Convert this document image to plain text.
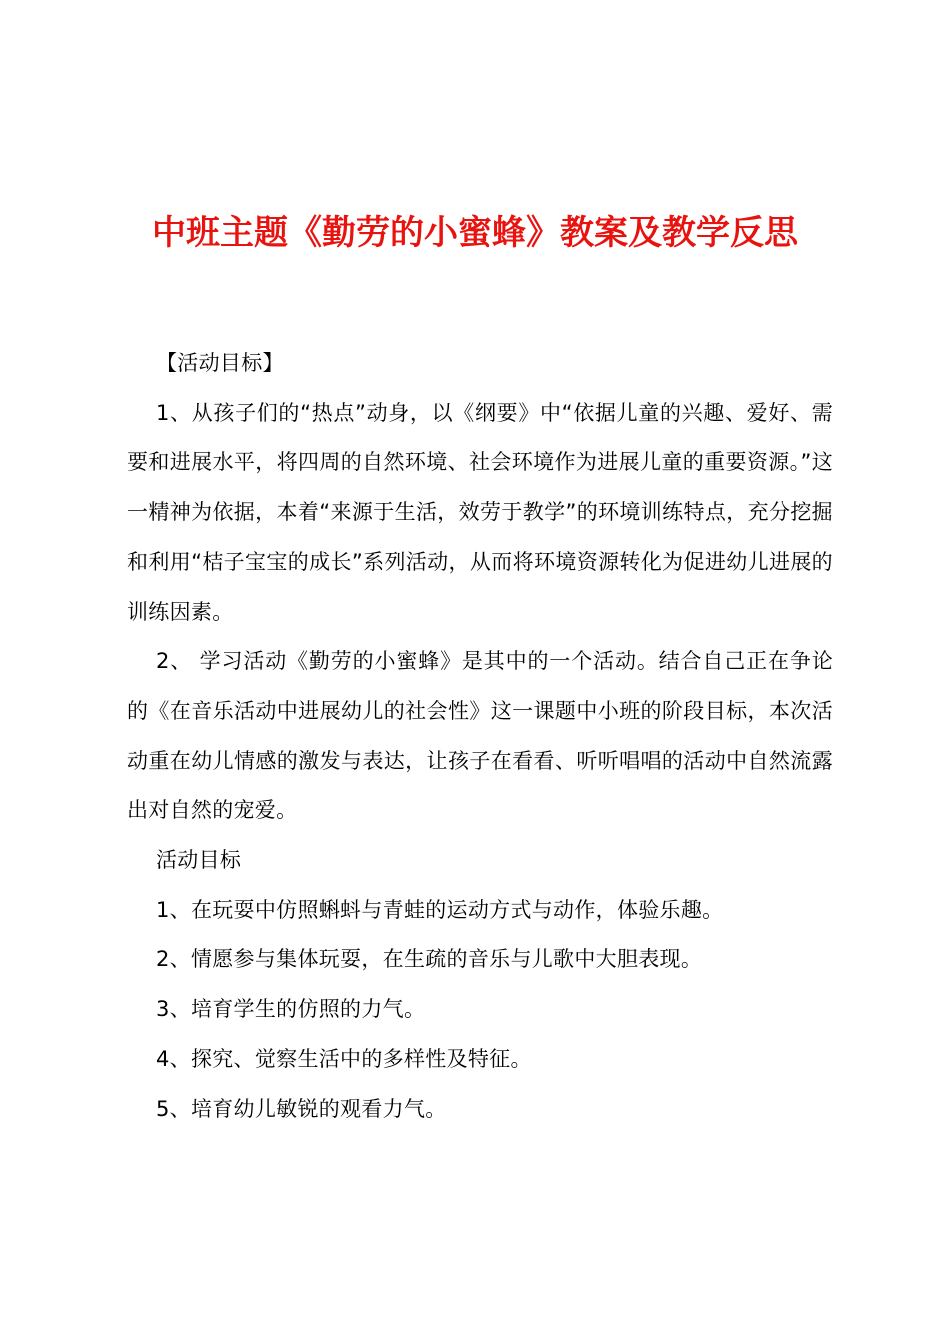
中班主题《勤劳的小蜜蜂》教案及教学反思

【活动目标】

1、从孩子们的“热点”动身，以《纲要》中“依据儿童的兴趣、爱好、需要和进展水平，将四周的自然环境、社会环境作为进展儿童的重要资源。”这一精神为依据，本着“来源于生活，效劳于教学”的环境训练特点，充分挖掘和利用“桔子宝宝的成长”系列活动，从而将环境资源转化为促进幼儿进展的训练因素。

2、 学习活动《勤劳的小蜜蜂》是其中的一个活动。结合自己正在争论的《在音乐活动中进展幼儿的社会性》这一课题中小班的阶段目标，本次活动重在幼儿情感的激发与表达，让孩子在看看、听听唱唱的活动中自然流露出对自然的宠爱。

活动目标

1、在玩耍中仿照蝌蚪与青蛙的运动方式与动作，体验乐趣。

2、情愿参与集体玩耍，在生疏的音乐与儿歌中大胆表现。

3、培育学生的仿照的力气。

4、探究、觉察生活中的多样性及特征。

5、培育幼儿敏锐的观看力气。
